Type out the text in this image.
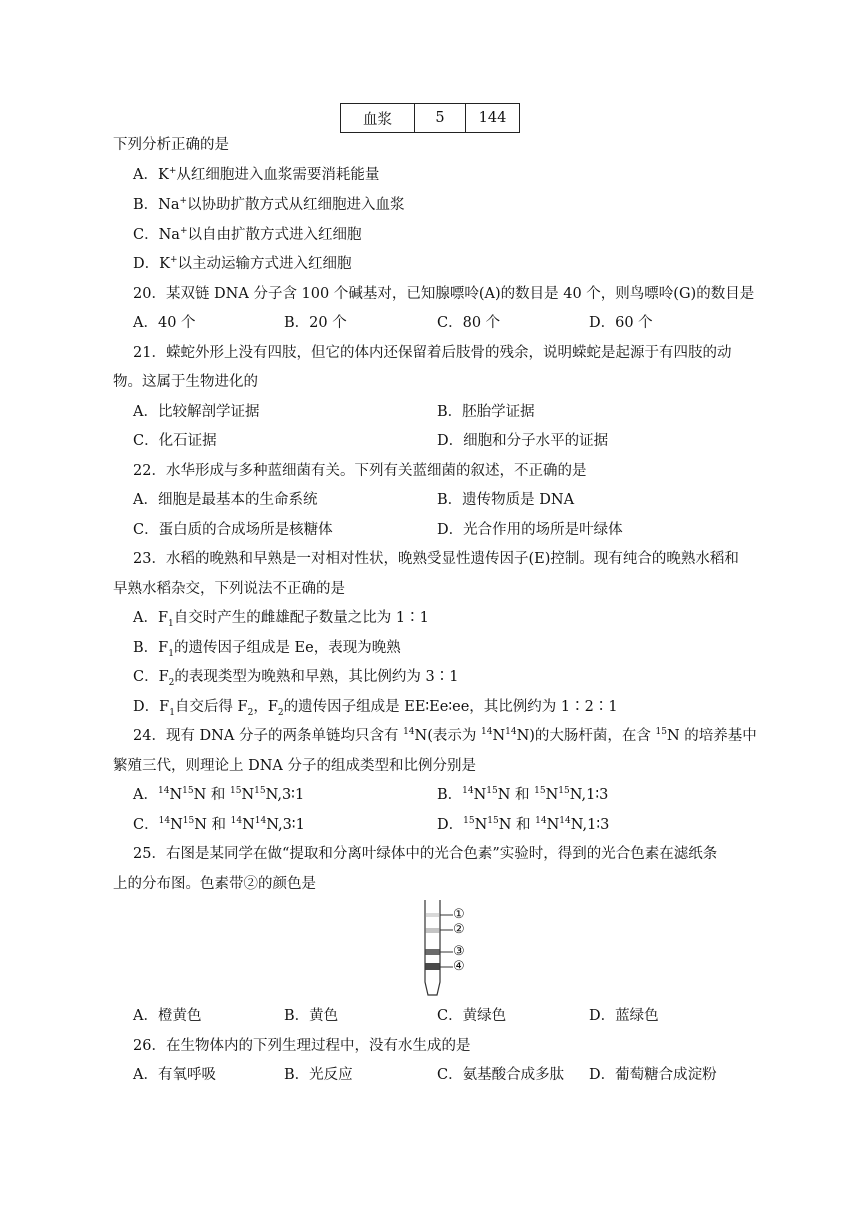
血浆	5	144
下列分析正确的是
A．K+从红细胞进入血浆需要消耗能量
B．Na+以协助扩散方式从红细胞进入血浆
C．Na+以自由扩散方式进入红细胞
D．K+以主动运输方式进入红细胞
20．某双链 DNA 分子含 100 个碱基对，已知腺嘌呤(A)的数目是 40 个，则鸟嘌呤(G)的数目是
A．40 个	B．20 个	C．80 个	D．60 个
21．蝾蛇外形上没有四肢，但它的体内还保留着后肢骨的残余，说明蝾蛇是起源于有四肢的动
物。这属于生物进化的
A．比较解剖学证据	B．胚胎学证据
C．化石证据	D．细胞和分子水平的证据
22．水华形成与多种蓝细菌有关。下列有关蓝细菌的叙述，不正确的是
A．细胞是最基本的生命系统	B．遗传物质是 DNA
C．蛋白质的合成场所是核糖体	D．光合作用的场所是叶绿体
23．水稻的晚熟和早熟是一对相对性状，晚熟受显性遗传因子(E)控制。现有纯合的晚熟水稻和
早熟水稻杂交，下列说法不正确的是
A．$F_1$自交时产生的雌雄配子数量之比为 1∶1
B．$F_1$的遗传因子组成是 Ee，表现为晚熟
C．$F_2$的表现类型为晚熟和早熟，其比例约为 3∶1
D．$F_1$自交后得 $F_2$，$F_2$的遗传因子组成是 EE∶Ee∶ee，其比例约为 1∶2∶1
24．现有 DNA 分子的两条单链均只含有 $^{14}$N(表示为 $^{14}N^{14}N$)的大肠杆菌，在含 $^{15}$N 的培养基中
繁殖三代，则理论上 DNA 分子的组成类型和比例分别是
A．$^{14}N^{15}N$ 和 $^{15}N^{15}N,3∶1$	B．$^{14}N^{15}N$ 和 $^{15}N^{15}N,1∶3$
C．$^{14}N^{15}N$ 和 $^{14}N^{14}N,3∶1$	D．$^{15}N^{15}N$ 和 $^{14}N^{14}N,1∶3$
25．右图是某同学在做“提取和分离叶绿体中的光合色素”实验时，得到的光合色素在滤纸条
上的分布图。色素带②的颜色是
①
②
③
④
A．橙黄色	B．黄色	C．黄绿色	D．蓝绿色
26．在生物体内的下列生理过程中，没有水生成的是
A．有氧呼吸	B．光反应	C．氨基酸合成多肽 D．葡萄糖合成淀粉
